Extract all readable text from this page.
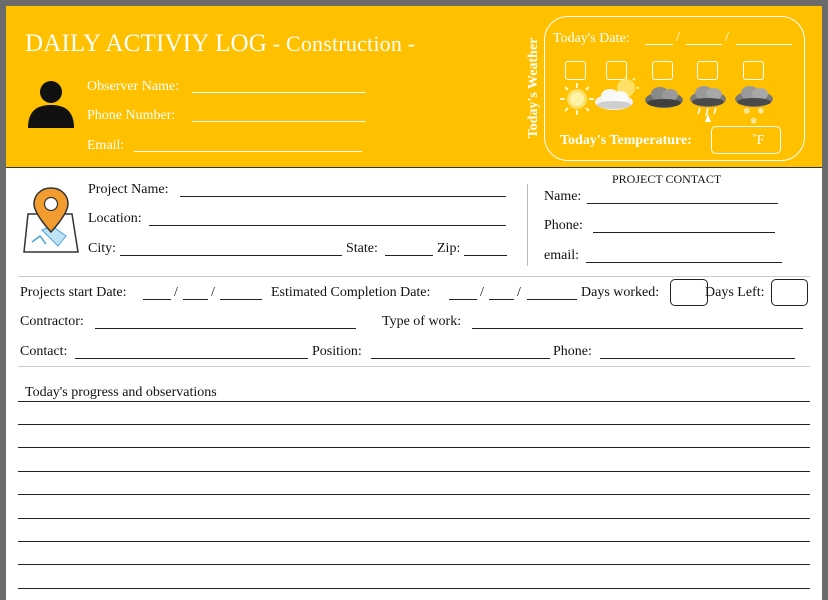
DAILY ACTIVIY LOG - Construction -
Observer Name:
Phone Number:
Email:
Today's Weather Today's Date:	/	/
❄ ❄
❄
Today's Temperature:	˚F
Project Name:
Location:
City:	State:	Zip:
PROJECT CONTACT
Name:
Phone:
email:
Projects start Date:	/ /	Estimated Completion Date:	/ /	Days worked:	Days Left:
Contractor:	Type of work:
Contact:	Position:	Phone:
Today's progress and observations
